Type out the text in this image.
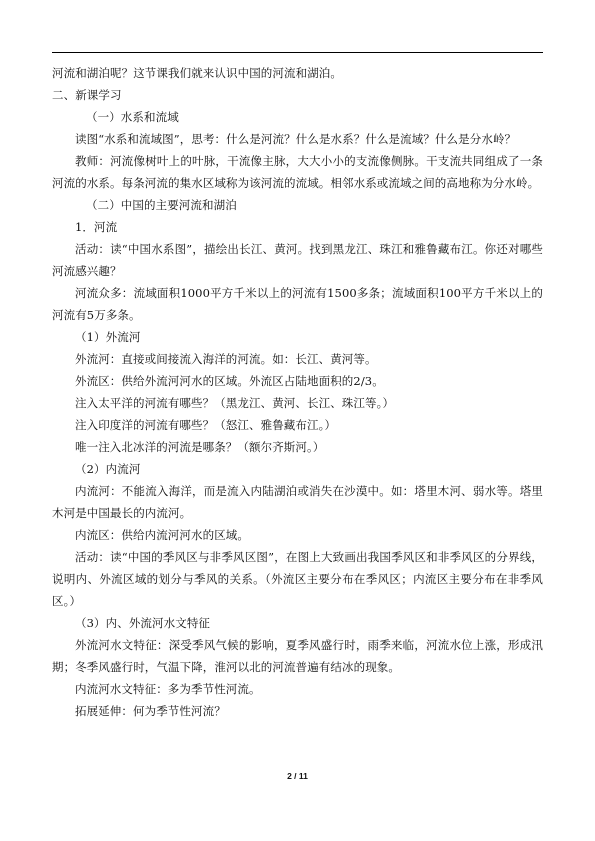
河流和湖泊呢？这节课我们就来认识中国的河流和湖泊。

二、新课学习

（一）水系和流域

读图“水系和流域图”，思考：什么是河流？什么是水系？什么是流域？什么是分水岭？

教师：河流像树叶上的叶脉，干流像主脉，大大小小的支流像侧脉。干支流共同组成了一条河流的水系。每条河流的集水区域称为该河流的流域。相邻水系或流域之间的高地称为分水岭。

（二）中国的主要河流和湖泊

1．河流

活动：读“中国水系图”，描绘出长江、黄河。找到黑龙江、珠江和雅鲁藏布江。你还对哪些河流感兴趣？

河流众多：流域面积1000平方千米以上的河流有1500多条；流域面积100平方千米以上的河流有5万多条。

（1）外流河

外流河：直接或间接流入海洋的河流。如：长江、黄河等。

外流区：供给外流河河水的区域。外流区占陆地面积的2/3。

注入太平洋的河流有哪些？（黑龙江、黄河、长江、珠江等。）

注入印度洋的河流有哪些？（怒江、雅鲁藏布江。）

唯一注入北冰洋的河流是哪条？（额尔齐斯河。）

（2）内流河

内流河：不能流入海洋，而是流入内陆湖泊或消失在沙漠中。如：塔里木河、弱水等。塔里木河是中国最长的内流河。

内流区：供给内流河河水的区域。

活动：读“中国的季风区与非季风区图”，在图上大致画出我国季风区和非季风区的分界线，说明内、外流区域的划分与季风的关系。（外流区主要分布在季风区；内流区主要分布在非季风区。）

（3）内、外流河水文特征

外流河水文特征：深受季风气候的影响，夏季风盛行时，雨季来临，河流水位上涨，形成汛期；冬季风盛行时，气温下降，淮河以北的河流普遍有结冰的现象。

内流河水文特征：多为季节性河流。

拓展延伸：何为季节性河流？

2 / 11
